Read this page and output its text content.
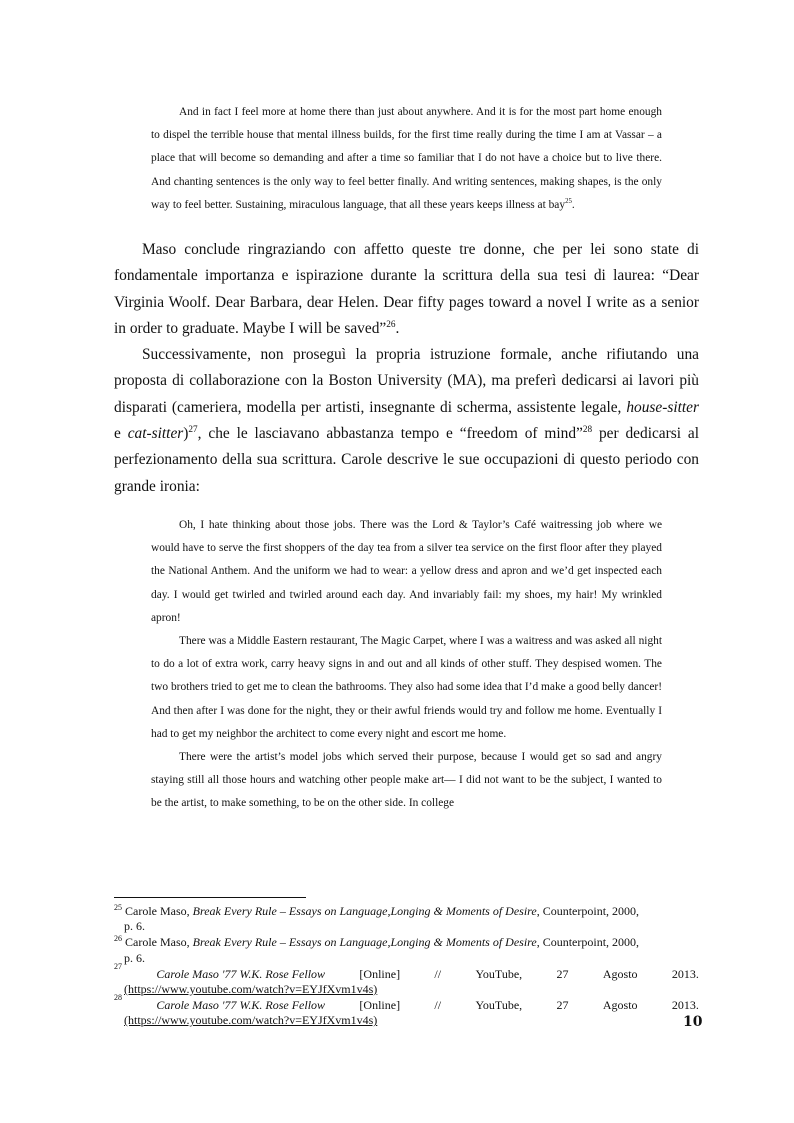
And in fact I feel more at home there than just about anywhere. And it is for the most part home enough to dispel the terrible house that mental illness builds, for the first time really during the time I am at Vassar – a place that will become so demanding and after a time so familiar that I do not have a choice but to live there. And chanting sentences is the only way to feel better finally. And writing sentences, making shapes, is the only way to feel better. Sustaining, miraculous language, that all these years keeps illness at bay$^{25}$.

Maso conclude ringraziando con affetto queste tre donne, che per lei sono state di fondamentale importanza e ispirazione durante la scrittura della sua tesi di laurea: “Dear Virginia Woolf. Dear Barbara, dear Helen. Dear fifty pages toward a novel I write as a senior in order to graduate. Maybe I will be saved”$^{26}$.

Successivamente, non proseguì la propria istruzione formale, anche rifiutando una proposta di collaborazione con la Boston University (MA), ma preferì dedicarsi ai lavori più disparati (cameriera, modella per artisti, insegnante di scherma, assistente legale, house-sitter e cat-sitter)$^{27}$, che le lasciavano abbastanza tempo e “freedom of mind”$^{28}$ per dedicarsi al perfezionamento della sua scrittura. Carole descrive le sue occupazioni di questo periodo con grande ironia:

Oh, I hate thinking about those jobs. There was the Lord & Taylor’s Café waitressing job where we would have to serve the first shoppers of the day tea from a silver tea service on the first floor after they played the National Anthem. And the uniform we had to wear: a yellow dress and apron and we’d get inspected each day. I would get twirled and twirled around each day. And invariably fail: my shoes, my hair! My wrinkled apron!

There was a Middle Eastern restaurant, The Magic Carpet, where I was a waitress and was asked all night to do a lot of extra work, carry heavy signs in and out and all kinds of other stuff. They despised women. The two brothers tried to get me to clean the bathrooms. They also had some idea that I’d make a good belly dancer! And then after I was done for the night, they or their awful friends would try and follow me home. Eventually I had to get my neighbor the architect to come every night and escort me home.

There were the artist’s model jobs which served their purpose, because I would get so sad and angry staying still all those hours and watching other people make art— I did not want to be the subject, I wanted to be the artist, to make something, to be on the other side. In college

$^{25}$ Carole Maso, Break Every Rule – Essays on Language,Longing & Moments of Desire, Counterpoint, 2000,
p. 6.
$^{26}$ Carole Maso, Break Every Rule – Essays on Language,Longing & Moments of Desire, Counterpoint, 2000,
p. 6.
27
Carole Maso '77 W.K. Rose Fellow	[Online]	//	YouTube,	27	Agosto	2013.
(https://www.youtube.com/watch?v=EYJfXvm1v4s)
28
Carole Maso '77 W.K. Rose Fellow	[Online]	//	YouTube,	27	Agosto	2013.
(https://www.youtube.com/watch?v=EYJfXvm1v4s)	10
